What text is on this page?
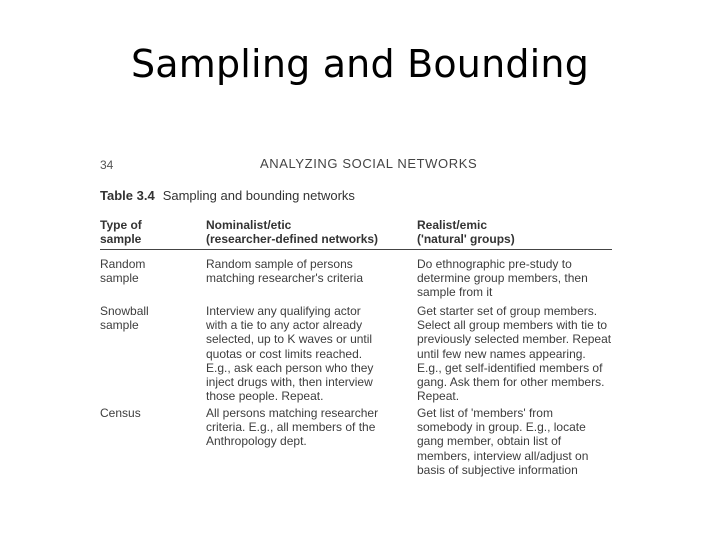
Sampling and Bounding
34	ANALYZING SOCIAL NETWORKS
Table 3.4 Sampling and bounding networks
Type of
sample
Nominalist/etic
(researcher-defined networks)
Realist/emic
('natural' groups)
Random
sample
Random sample of persons
matching researcher's criteria
Do ethnographic pre-study to
determine group members, then
sample from it
Snowball
sample
Interview any qualifying actor
with a tie to any actor already
selected, up to K waves or until
quotas or cost limits reached.
E.g., ask each person who they
inject drugs with, then interview
those people. Repeat.
Get starter set of group members.
Select all group members with tie to
previously selected member. Repeat
until few new names appearing.
E.g., get self-identified members of
gang. Ask them for other members.
Repeat.
Census	All persons matching researcher
criteria. E.g., all members of the
Anthropology dept.
Get list of 'members' from
somebody in group. E.g., locate
gang member, obtain list of
members, interview all/adjust on
basis of subjective information
